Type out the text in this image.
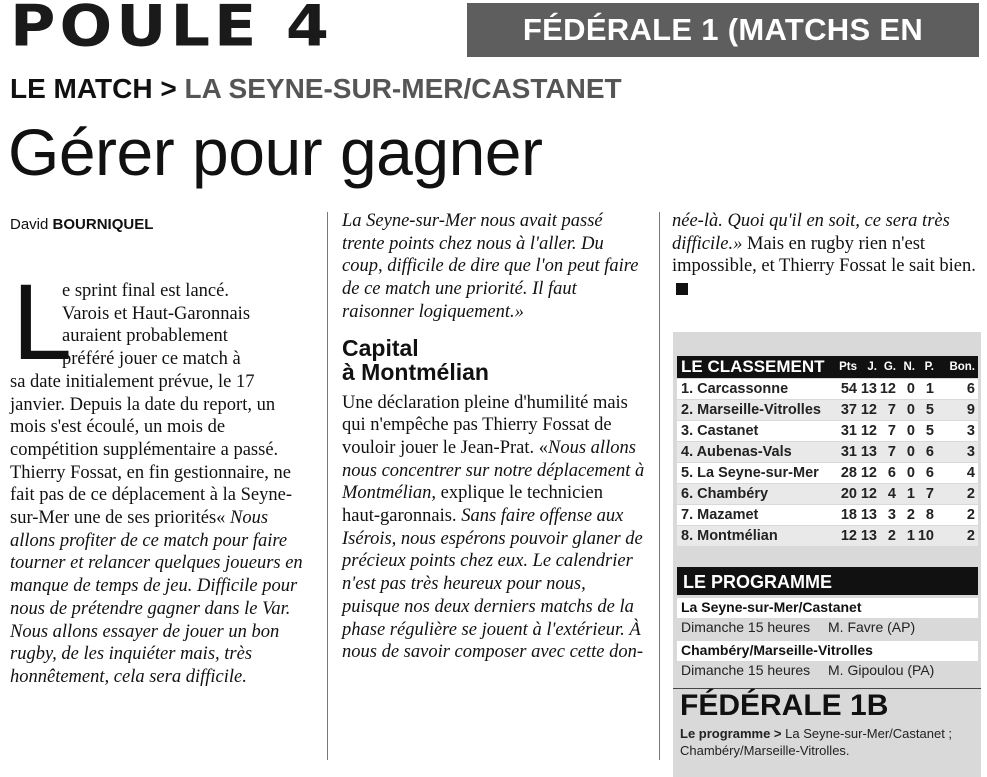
POULE 4	FÉDÉRALE 1 (MATCHS EN RETARD)
LE MATCH > LA SEYNE-SUR-MER/CASTANET
Gérer pour gagner
David BOURNIQUEL
L

e sprint final est lancé.
Varois et Haut-Garonnais
auraient probablement
préféré jouer ce match à

sa date initialement prévue, le 17 janvier. Depuis la date du report, un mois s'est écoulé, un mois de compétition supplémentaire a passé.

Thierry Fossat, en fin gestionnaire, ne fait pas de ce déplacement à la Seyne-sur-Mer une de ses priorités« Nous allons profiter de ce match pour faire tourner et relancer quelques joueurs en manque de temps de jeu. Difficile pour nous de prétendre gagner dans le Var. Nous allons essayer de jouer un bon rugby, de les inquiéter mais, très honnêtement, cela sera difficile.

La Seyne-sur-Mer nous avait passé trente points chez nous à l'aller. Du coup, difficile de dire que l'on peut faire de ce match une priorité. Il faut raisonner logiquement.»

Capital
à Montmélian

Une déclaration pleine d'humilité mais qui n'empêche pas Thierry Fossat de vouloir jouer le Jean-Prat. «Nous allons nous concentrer sur notre déplacement à Montmélian, explique le technicien haut-garonnais. Sans faire offense aux Isérois, nous espérons pouvoir glaner de précieux points chez eux. Le calendrier n'est pas très heureux pour nous, puisque nos deux derniers matchs de la phase régulière se jouent à l'extérieur. À nous de savoir composer avec cette don-

née-là. Quoi qu'il en soit, ce sera très difficile.» Mais en rugby rien n'est impossible, et Thierry Fossat le sait bien.

LE CLASSEMENT Pts J. G. N. P.	Bon.
1. Carcassonne	54 13 12 0 1	6
2. Marseille-Vitrolles 37 12 7 0 5	9
3. Castanet	31 12 7 0 5	3
4. Aubenas-Vals	31 13 7 0 6	3
5. La Seyne-sur-Mer 28 12 6 0 6	4
6. Chambéry	20 12 4 1 7	2
7. Mazamet	18 13 3 2 8	2
8. Montmélian	12 13 2 1 10	2
LE PROGRAMME
La Seyne-sur-Mer/Castanet
Dimanche 15 heures M. Favre (AP)
Chambéry/Marseille-Vitrolles
Dimanche 15 heures M. Gipoulou (PA)
FÉDÉRALE 1B
Le programme > La Seyne-sur-Mer/Castanet ; Chambéry/Marseille-Vitrolles.
